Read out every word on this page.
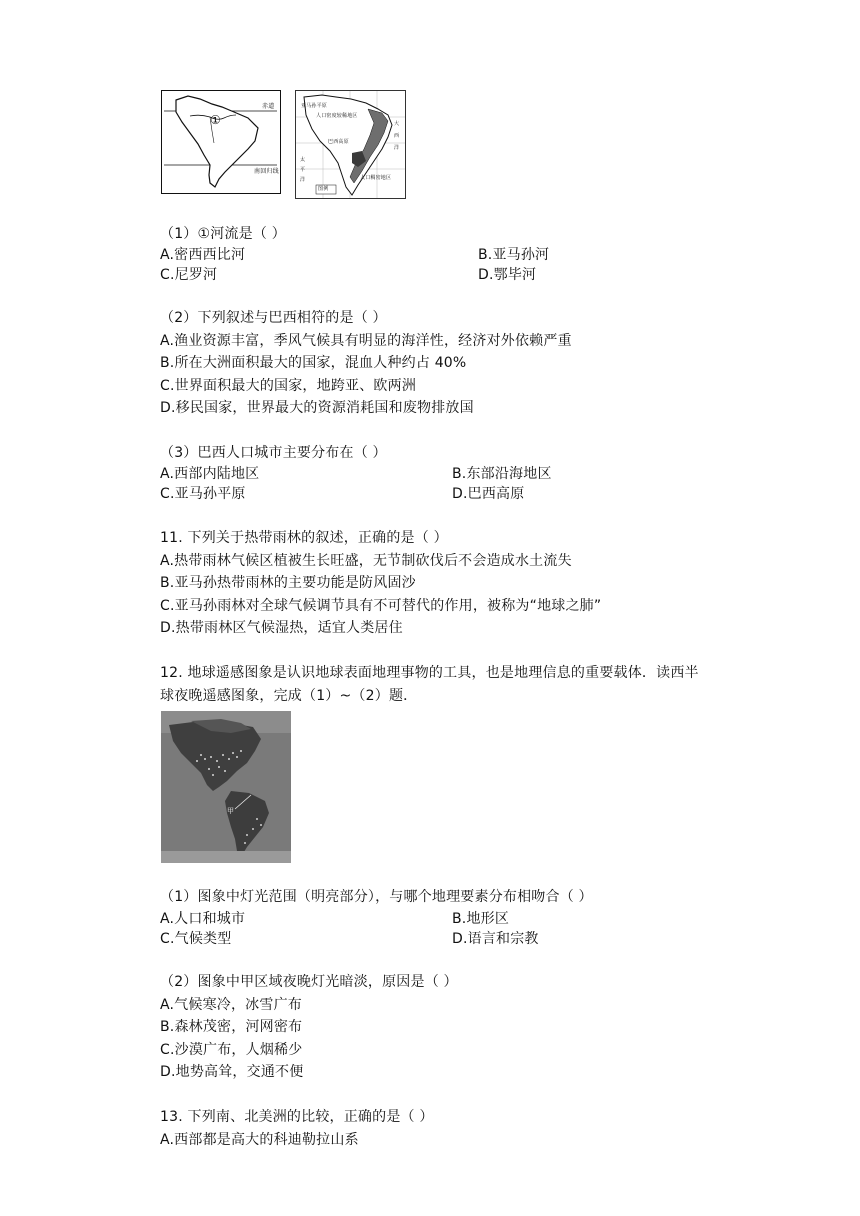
①
赤道
南回归线
亚马孙平原
人口密度较稀地区
巴西高原
人口稠密地区
图例
大
西
洋
太
平
洋
（1）①河流是（ ）
A.密西西比河	B.亚马孙河
C.尼罗河	D.鄂毕河
（2）下列叙述与巴西相符的是（ ）
A.渔业资源丰富，季风气候具有明显的海洋性，经济对外依赖严重
B.所在大洲面积最大的国家，混血人种约占 40%
C.世界面积最大的国家，地跨亚、欧两洲
D.移民国家，世界最大的资源消耗国和废物排放国
（3）巴西人口城市主要分布在（ ）
A.西部内陆地区	B.东部沿海地区
C.亚马孙平原	D.巴西高原
11. 下列关于热带雨林的叙述，正确的是（ ）
A.热带雨林气候区植被生长旺盛，无节制砍伐后不会造成水土流失
B.亚马孙热带雨林的主要功能是防风固沙
C.亚马孙雨林对全球气候调节具有不可替代的作用，被称为“地球之肺”
D.热带雨林区气候湿热，适宜人类居住
12. 地球遥感图象是认识地球表面地理事物的工具，也是地理信息的重要载体．读西半
球夜晚遥感图象，完成（1）~（2）题．
甲
（1）图象中灯光范围（明亮部分），与哪个地理要素分布相吻合（ ）
A.人口和城市	B.地形区
C.气候类型	D.语言和宗教
（2）图象中甲区域夜晚灯光暗淡，原因是（ ）
A.气候寒冷，冰雪广布
B.森林茂密，河网密布
C.沙漠广布，人烟稀少
D.地势高耸，交通不便
13. 下列南、北美洲的比较，正确的是（ ）
A.西部都是高大的科迪勒拉山系
